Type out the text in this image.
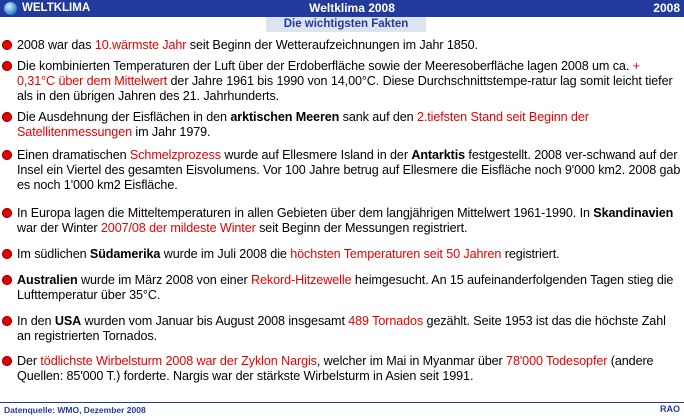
WELTKLIMA	Weltklima 2008	2008
Die wichtigsten Fakten
2008 war das 10.wärmste Jahr seit Beginn der Wetteraufzeichnungen im Jahr 1850.
Die kombinierten Temperaturen der Luft über der Erdoberfläche sowie der Meeresoberfläche lagen 2008 um ca. + 0,31°C über dem Mittelwert der Jahre 1961 bis 1990 von 14,00°C. Diese Durchschnittstempe-ratur lag somit leicht tiefer als in den übrigen Jahren des 21. Jahrhunderts.
Die Ausdehnung der Eisflächen in den arktischen Meeren sank auf den 2.tiefsten Stand seit Beginn der Satellitenmessungen im Jahr 1979.
Einen dramatischen Schmelzprozess wurde auf Ellesmere Island in der Antarktis festgestellt. 2008 ver-schwand auf der Insel ein Viertel des gesamten Eisvolumens. Vor 100 Jahre betrug auf Ellesmere die Eisfläche noch 9'000 km2. 2008 gab es noch 1'000 km2 Eisfläche.
In Europa lagen die Mitteltemperaturen in allen Gebieten über dem langjährigen Mittelwert 1961-1990. In Skandinavien war der Winter 2007/08 der mildeste Winter seit Beginn der Messungen registriert.
Im südlichen Südamerika wurde im Juli 2008 die höchsten Temperaturen seit 50 Jahren registriert.
Australien wurde im März 2008 von einer Rekord-Hitzewelle heimgesucht. An 15 aufeinanderfolgenden Tagen stieg die Lufttemperatur über 35°C.
In den USA wurden vom Januar bis August 2008 insgesamt 489 Tornados gezählt. Seite 1953 ist das die höchste Zahl an registrierten Tornados.
Der tödlichste Wirbelsturm 2008 war der Zyklon Nargis, welcher im Mai in Myanmar über 78'000 Todesopfer (andere Quellen: 85'000 T.) forderte. Nargis war der stärkste Wirbelsturm in Asien seit 1991.
Datenquelle: WMO, Dezember 2008	RAO
